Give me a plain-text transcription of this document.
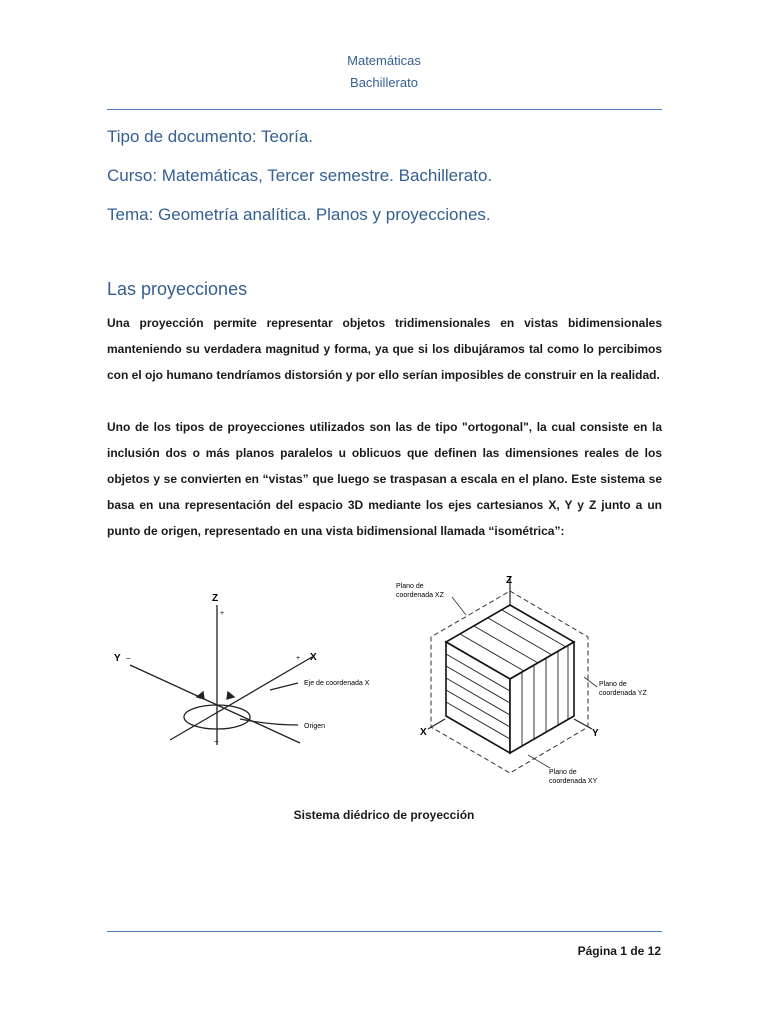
Matemáticas
Bachillerato
Tipo de documento: Teoría.
Curso: Matemáticas, Tercer semestre. Bachillerato.
Tema: Geometría analítica. Planos y proyecciones.
Las proyecciones
Una proyección permite representar objetos tridimensionales en vistas bidimensionales manteniendo su verdadera magnitud y forma, ya que si los dibujáramos tal como lo percibimos con el ojo humano tendríamos distorsión y por ello serían imposibles de construir en la realidad.
Uno de los tipos de proyecciones utilizados son las de tipo "ortogonal", la cual consiste en la inclusión dos o más planos paralelos u oblicuos que definen las dimensiones reales de los objetos y se convierten en “vistas” que luego se traspasan a escala en el plano. Este sistema se basa en una representación del espacio 3D mediante los ejes cartesianos X, Y y Z junto a un punto de origen, representado en una vista bidimensional llamada “isométrica”:
Z
+
Y −	X
+
−
Eje de coordenada X
Origen
Z
X	Y
Plano de
coordenada XZ
Plano de
coordenada YZ
Plano de
coordenada XY
Sistema diédrico de proyección
Página 1 de 12
